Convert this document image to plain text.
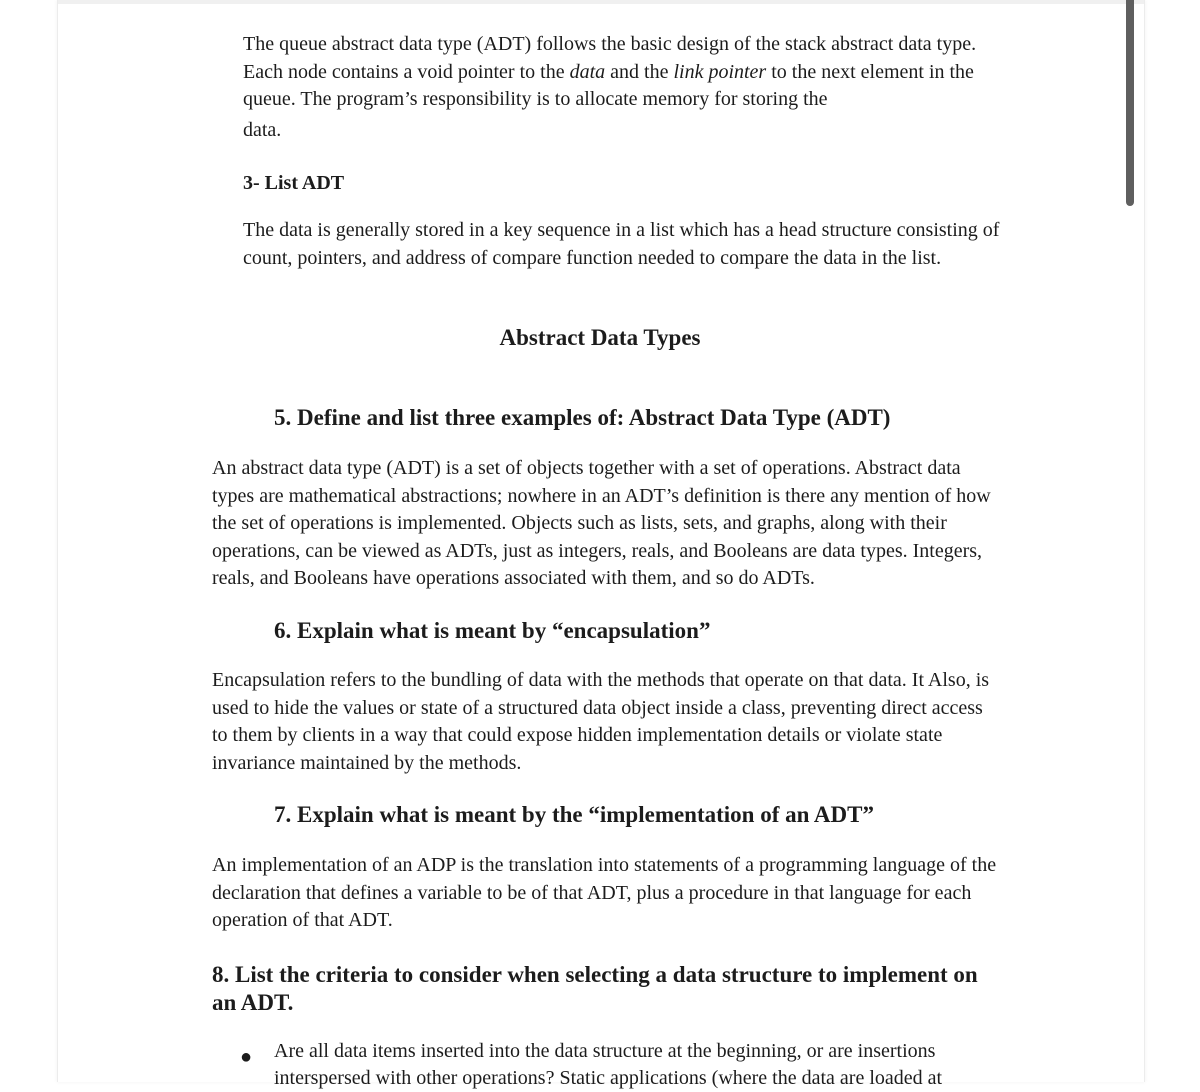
The queue abstract data type (ADT) follows the basic design of the stack abstract data type. Each node contains a void pointer to the data and the link pointer to the next element in the queue. The program’s responsibility is to allocate memory for storing the

data.

3- List ADT

The data is generally stored in a key sequence in a list which has a head structure consisting of count, pointers, and address of compare function needed to compare the data in the list.

Abstract Data Types
5. Define and list three examples of: Abstract Data Type (ADT)

An abstract data type (ADT) is a set of objects together with a set of operations. Abstract data types are mathematical abstractions; nowhere in an ADT’s definition is there any mention of how the set of operations is implemented. Objects such as lists, sets, and graphs, along with their operations, can be viewed as ADTs, just as integers, reals, and Booleans are data types. Integers, reals, and Booleans have operations associated with them, and so do ADTs.

6. Explain what is meant by “encapsulation”

Encapsulation refers to the bundling of data with the methods that operate on that data. It Also, is used to hide the values or state of a structured data object inside a class, preventing direct access to them by clients in a way that could expose hidden implementation details or violate state invariance maintained by the methods.

7. Explain what is meant by the “implementation of an ADT”

An implementation of an ADP is the translation into statements of a programming language of the declaration that defines a variable to be of that ADT, plus a procedure in that language for each operation of that ADT.

8. List the criteria to consider when selecting a data structure to implement on an ADT.
● Are all data items inserted into the data structure at the beginning, or are insertions interspersed with other operations? Static applications (where the data are loaded at
